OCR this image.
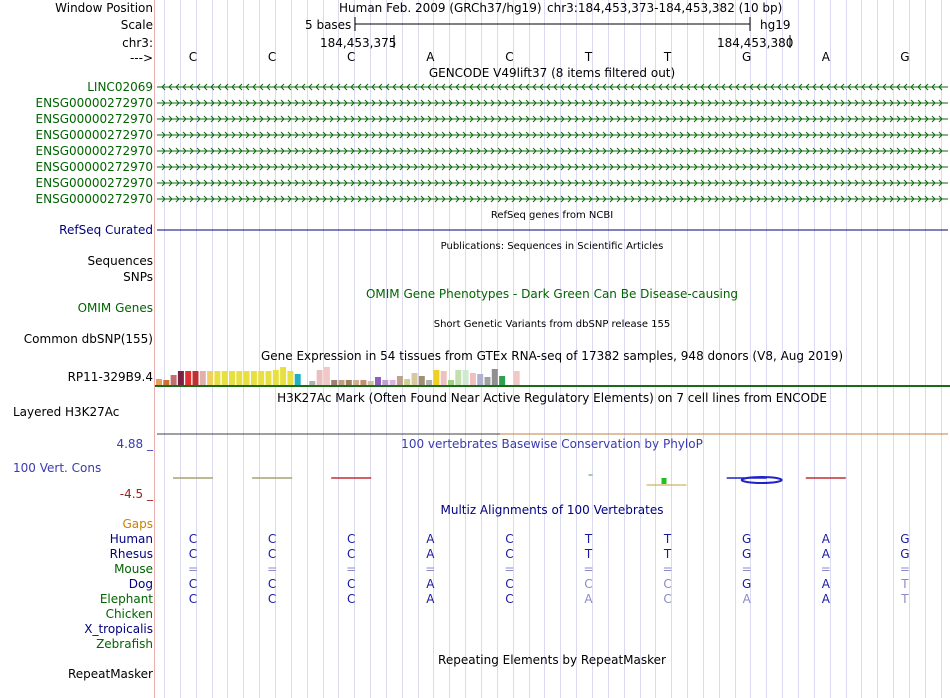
Window Position	Human Feb. 2009 (GRCh37/hg19) chr3:184,453,373-184,453,382 (10 bp)
Scale	5 bases	hg19
chr3:	184,453,375	184,453,380
--->	C	C	C	A	C	T	T	G	A	G
GENCODE V49lift37 (8 items filtered out)
LINC02069
ENSG00000272970
ENSG00000272970
ENSG00000272970
ENSG00000272970
ENSG00000272970
ENSG00000272970
ENSG00000272970
RefSeq genes from NCBI
RefSeq Curated
Publications: Sequences in Scientific Articles
Sequences
SNPs
OMIM Gene Phenotypes - Dark Green Can Be Disease-causing
OMIM Genes
Short Genetic Variants from dbSNP release 155
Common dbSNP(155)
Gene Expression in 54 tissues from GTEx RNA-seq of 17382 samples, 948 donors (V8, Aug 2019)
RP11-329B9.4
H3K27Ac Mark (Often Found Near Active Regulatory Elements) on 7 cell lines from ENCODE
Layered H3K27Ac
100 vertebrates Basewise Conservation by PhyloP
4.88 _
100 Vert. Cons
-4.5 _
Multiz Alignments of 100 Vertebrates
Gaps
Human	C	C	C	A	C	T	T	G	A	G
Rhesus	C	C	C	A	C	T	T	G	A	G
Mouse	=	=	=	=	=	=	=	=	=	=
Dog	C	C	C	A	C	C	C	G	A	T
Elephant	C	C	C	A	C	A	C	A	A	T
Chicken
X_tropicalis
Zebrafish
Repeating Elements by RepeatMasker
RepeatMasker
